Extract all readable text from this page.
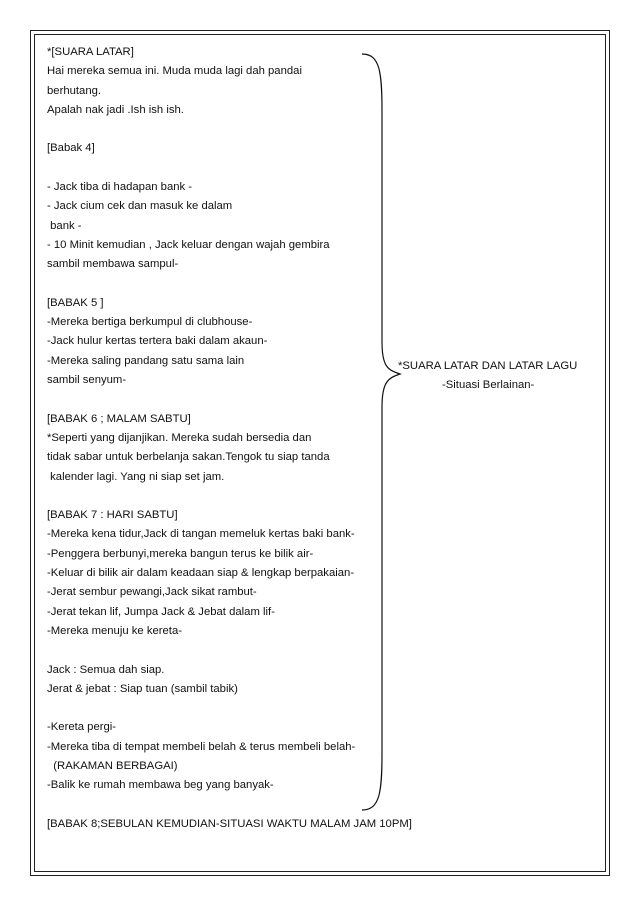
*[SUARA LATAR]
Hai mereka semua ini. Muda muda lagi dah pandai
berhutang.
Apalah nak jadi .Ish ish ish.
[Babak 4]
- Jack tiba di hadapan bank -
- Jack cium cek dan masuk ke dalam
bank -
- 10 Minit kemudian , Jack keluar dengan wajah gembira
sambil membawa sampul-
[BABAK 5 ]
-Mereka bertiga berkumpul di clubhouse-
-Jack hulur kertas tertera baki dalam akaun-
-Mereka saling pandang satu sama lain
sambil senyum-
[BABAK 6 ; MALAM SABTU]
*Seperti yang dijanjikan. Mereka sudah bersedia dan
tidak sabar untuk berbelanja sakan.Tengok tu siap tanda
kalender lagi. Yang ni siap set jam.
[BABAK 7 : HARI SABTU]
-Mereka kena tidur,Jack di tangan memeluk kertas baki bank-
-Penggera berbunyi,mereka bangun terus ke bilik air-
-Keluar di bilik air dalam keadaan siap & lengkap berpakaian-
-Jerat sembur pewangi,Jack sikat rambut-
-Jerat tekan lif, Jumpa Jack & Jebat dalam lif-
-Mereka menuju ke kereta-
Jack : Semua dah siap.
Jerat & jebat : Siap tuan (sambil tabik)
-Kereta pergi-
-Mereka tiba di tempat membeli belah & terus membeli belah-
(RAKAMAN BERBAGAI)
-Balik ke rumah membawa beg yang banyak-
[BABAK 8;SEBULAN KEMUDIAN-SITUASI WAKTU MALAM JAM 10PM]
*SUARA LATAR DAN LATAR LAGU
-Situasi Berlainan-
